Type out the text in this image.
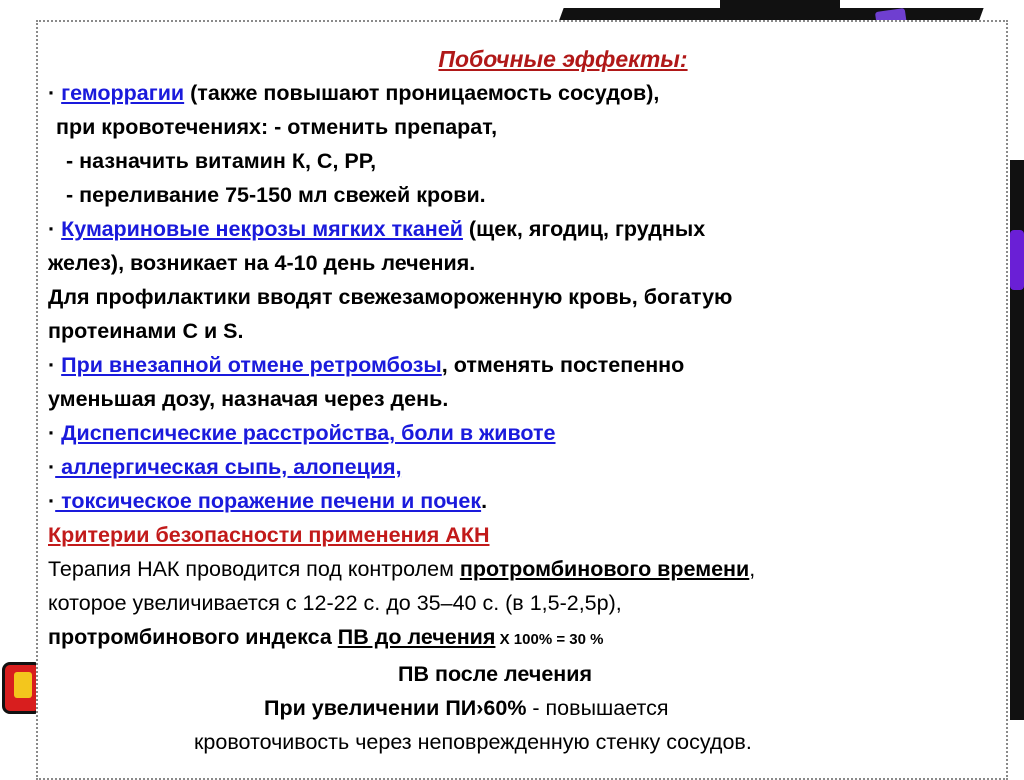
Побочные эффекты:
· геморрагии (также повышают проницаемость сосудов),
при кровотечениях: - отменить препарат,
- назначить витамин К, С, РР,
- переливание 75-150 мл свежей крови.
· Кумариновые некрозы мягких тканей (щек, ягодиц, грудных
желез), возникает на 4-10 день лечения.
Для профилактики вводят свежезамороженную кровь, богатую
протеинами С и S.
· При внезапной отмене ретромбозы, отменять постепенно
уменьшая дозу, назначая через день.
· Диспепсические расстройства, боли в животе
· аллергическая сыпь, алопеция,
· токсическое поражение печени и почек.
Критерии безопасности применения АКН
Терапия НАК проводится под контролем протромбинового времени,
которое увеличивается с 12-22 с. до 35–40 с. (в 1,5-2,5р),
протромбинового индекса ПВ до лечения Х 100% = 30 %
ПВ после лечения
При увеличении ПИ›60% - повышается
кровоточивость через неповрежденную стенку сосудов.
